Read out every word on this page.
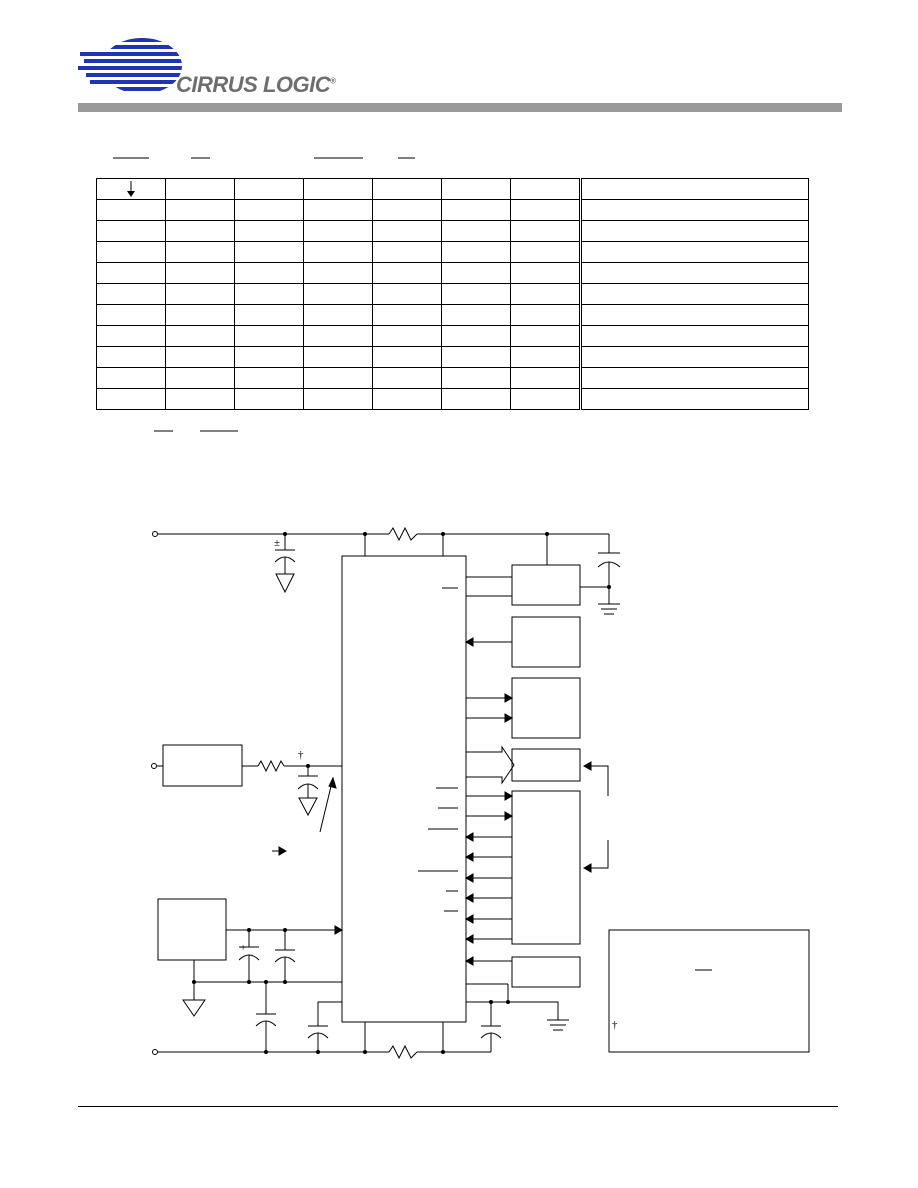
CIRRUS LOGIC®

±
†
+
†
